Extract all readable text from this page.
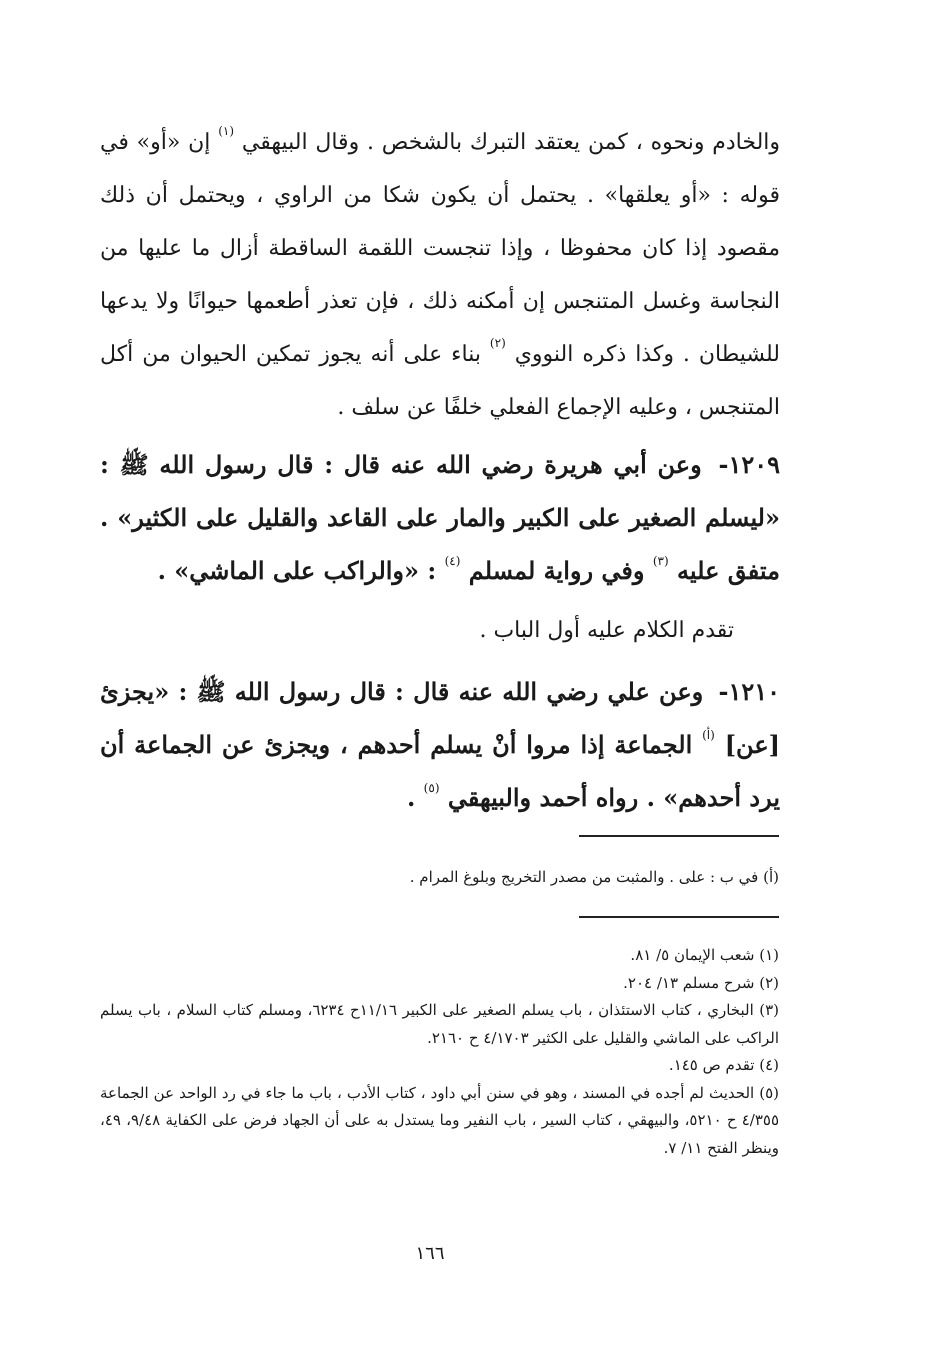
والخادم ونحوه ، كمن يعتقد التبرك بالشخص . وقال البيهقي $^{(١)}$ إن «أو» في قوله : «أو يعلقها» . يحتمل أن يكون شكا من الراوي ، ويحتمل أن ذلك مقصود إذا كان محفوظا ، وإذا تنجست اللقمة الساقطة أزال ما عليها من النجاسة وغسل المتنجس إن أمكنه ذلك ، فإن تعذر أطعمها حيوانًا ولا يدعها للشيطان . وكذا ذكره النووي $^{(٢)}$ بناء على أنه يجوز تمكين الحيوان من أكل المتنجس ، وعليه الإجماع الفعلي خلفًا عن سلف .

١٢٠٩- وعن أبي هريرة رضي الله عنه قال : قال رسول الله ﷺ : «ليسلم الصغير على الكبير والمار على القاعد والقليل على الكثير» . متفق عليه $^{(٣)}$ وفي رواية لمسلم $^{(٤)}$ : «والراكب على الماشي» .

تقدم الكلام عليه أول الباب .

١٢١٠- وعن علي رضي الله عنه قال : قال رسول الله ﷺ : «يجزئ [عن] $^{(أ)}$ الجماعة إذا مروا أنْ يسلم أحدهم ، ويجزئ عن الجماعة أن يرد أحدهم» . رواه أحمد والبيهقي $^{(٥)}$ .

(أ) في ب : على . والمثبت من مصدر التخريج وبلوغ المرام .
(١) شعب الإيمان ٥/ ٨١.
(٢) شرح مسلم ١٣/ ٢٠٤.
(٣) البخاري ، كتاب الاستئذان ، باب يسلم الصغير على الكبير ١١/١٦ح ٦٢٣٤، ومسلم كتاب السلام ، باب يسلم الراكب على الماشي والقليل على الكثير ٤/١٧٠٣ ح ٢١٦٠.
(٤) تقدم ص ١٤٥.
(٥) الحديث لم أجده في المسند ، وهو في سنن أبي داود ، كتاب الأدب ، باب ما جاء في رد الواحد عن الجماعة ٤/٣٥٥ ح ٥٢١٠، والبيهقي ، كتاب السير ، باب النفير وما يستدل به على أن الجهاد فرض على الكفاية ٩/٤٨، ٤٩، وينظر الفتح ١١/ ٧.
١٦٦
